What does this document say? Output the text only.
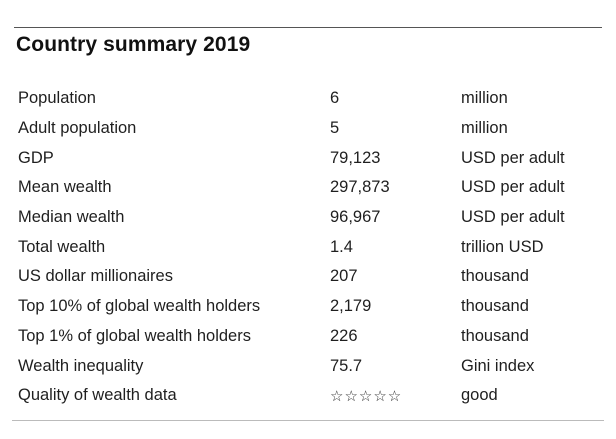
Country summary 2019
Population	6	million
Adult population	5	million
GDP	79,123	USD per adult
Mean wealth	297,873	USD per adult
Median wealth	96,967	USD per adult
Total wealth	1.4	trillion USD
US dollar millionaires	207	thousand
Top 10% of global wealth holders	2,179	thousand
Top 1% of global wealth holders	226	thousand
Wealth inequality	75.7	Gini index
Quality of wealth data	☆☆☆☆☆	good
